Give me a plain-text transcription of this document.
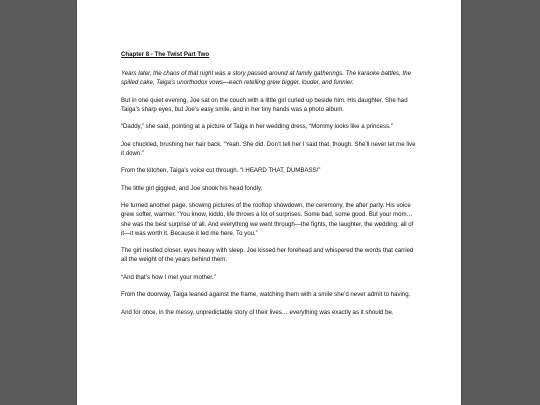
Chapter 8 - The Twist Part Two

Years later, the chaos of that night was a story passed around at family gatherings. The karaoke battles, the spilled cake, Taiga’s unorthodox vows—each retelling grew bigger, louder, and funnier.

But in one quiet evening, Joe sat on the couch with a little girl curled up beside him. His daughter. She had Taiga’s sharp eyes, but Joe’s easy smile, and in her tiny hands was a photo album.

“Daddy,” she said, pointing at a picture of Taiga in her wedding dress, “Mommy looks like a princess.”

Joe chuckled, brushing her hair back. “Yeah. She did. Don’t tell her I said that, though. She’ll never let me live it down.”

From the kitchen, Taiga’s voice cut through. “I HEARD THAT, DUMBASS!”

The little girl giggled, and Joe shook his head fondly.

He turned another page, showing pictures of the rooftop showdown, the ceremony, the after party. His voice grew softer, warmer. “You know, kiddo, life throws a lot of surprises. Some bad, some good. But your mom… she was the best surprise of all. And everything we went through—the fights, the laughter, the wedding, all of it—it was worth it. Because it led me here. To you.”

The girl nestled closer, eyes heavy with sleep. Joe kissed her forehead and whispered the words that carried all the weight of the years behind them:

“And that’s how I met your mother.”

From the doorway, Taiga leaned against the frame, watching them with a smile she’d never admit to having.

And for once, in the messy, unpredictable story of their lives… everything was exactly as it should be.
